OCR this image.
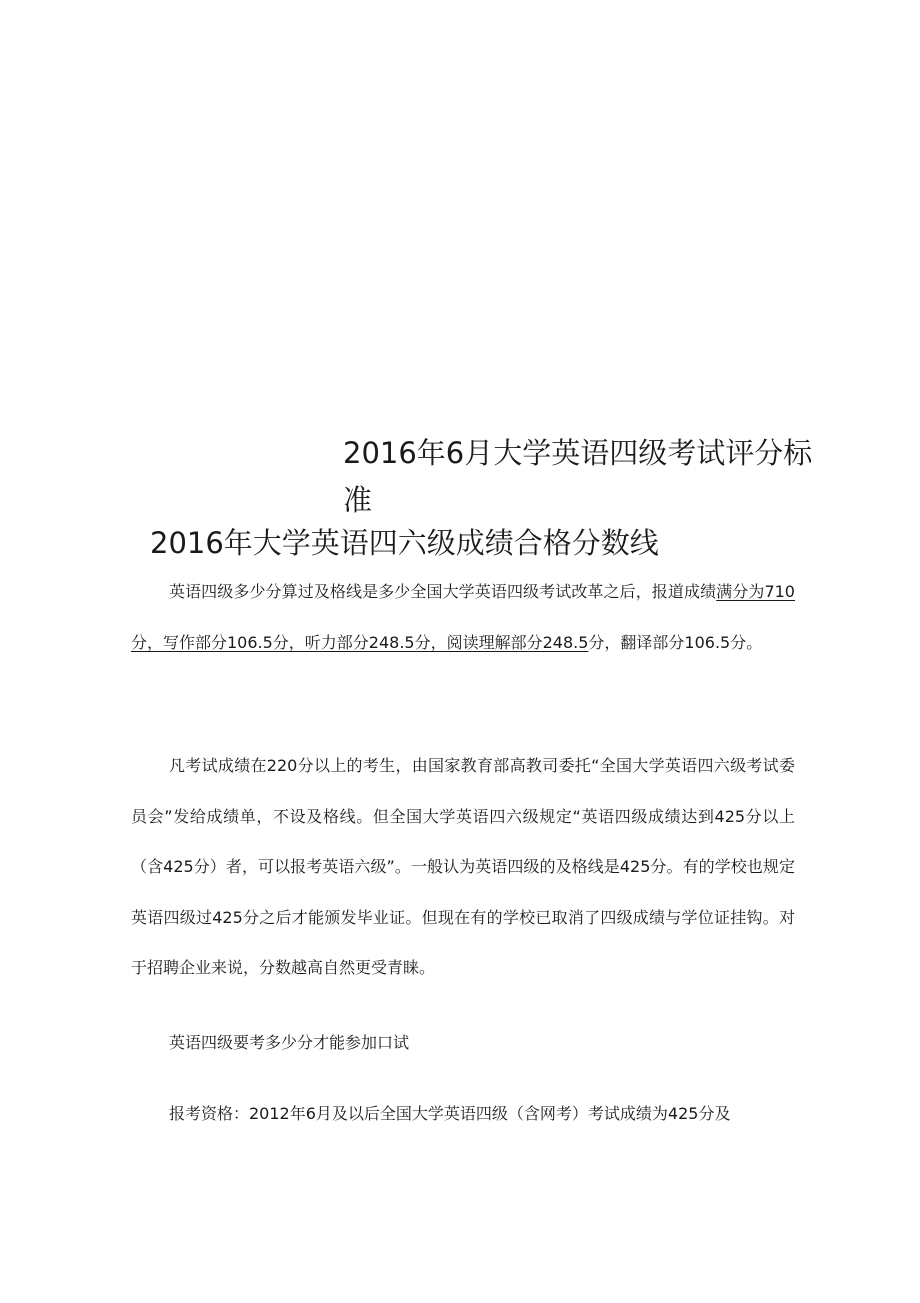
2016年6月大学英语四级考试评分标准
2016年大学英语四六级成绩合格分数线

英语四级多少分算过及格线是多少全国大学英语四级考试改革之后，报道成绩满分为710分，写作部分106.5分，听力部分248.5分，阅读理解部分248.5分，翻译部分106.5分。

凡考试成绩在220分以上的考生，由国家教育部高教司委托“全国大学英语四六级考试委员会”发给成绩单，不设及格线。但全国大学英语四六级规定“英语四级成绩达到425分以上（含425分）者，可以报考英语六级”。一般认为英语四级的及格线是425分。有的学校也规定英语四级过425分之后才能颁发毕业证。但现在有的学校已取消了四级成绩与学位证挂钩。对于招聘企业来说，分数越高自然更受青睐。

英语四级要考多少分才能参加口试

报考资格：2012年6月及以后全国大学英语四级（含网考）考试成绩为425分及
